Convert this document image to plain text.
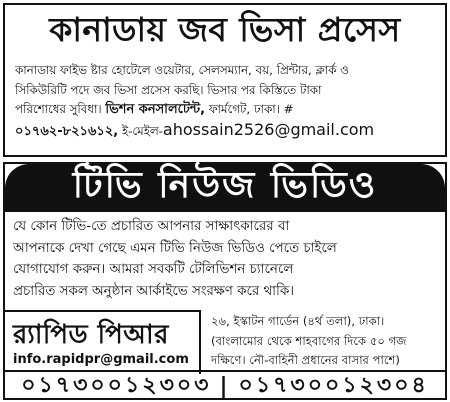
কানাডায় জব ভিসা প্রসেস
কানাডায় ফাইভ ষ্টার হোটেলে ওয়েটার, সেলসম্যান, বয়, প্রিন্টার, ক্লার্ক ও
সিকিউরিটি পদে জব ভিসা প্রসেস করছি। ভিসার পর কিস্তিতে টাকা
পরিশোধের সুবিধা। ভিশন কনসালটেন্ট, ফার্মগেট, ঢাকা। #
০১৭৬২-৮২১৬১২, ই-মেইল-ahossain2526@gmail.com
টিভি নিউজ ভিডিও
যে কোন টিভি-তে প্রচারিত আপনার সাক্ষাৎকারের বা
আপনাকে দেখা গেছে এমন টিভি নিউজ ভিডিও পেতে চাইলে
যোগাযোগ করুন। আমরা সবকটি টেলিভিশন চ্যানেলে
প্রচারিত সকল অনুষ্ঠান আর্কাইভে সংরক্ষণ করে থাকি।
র‍্যাপিড পিআর
info.rapidpr@gmail.com
২৬, ইস্কাটন গার্ডেন (৪র্থ তলা), ঢাকা।
(বাংলামোর থেকে শাহবাগের দিকে ৫০ গজ
দক্ষিণে। নৌ-বাহিনী প্রধানের বাসার পাশে)
০১৭৩০০১২৩০৩ | ০১৭৩০০১২৩০৪
